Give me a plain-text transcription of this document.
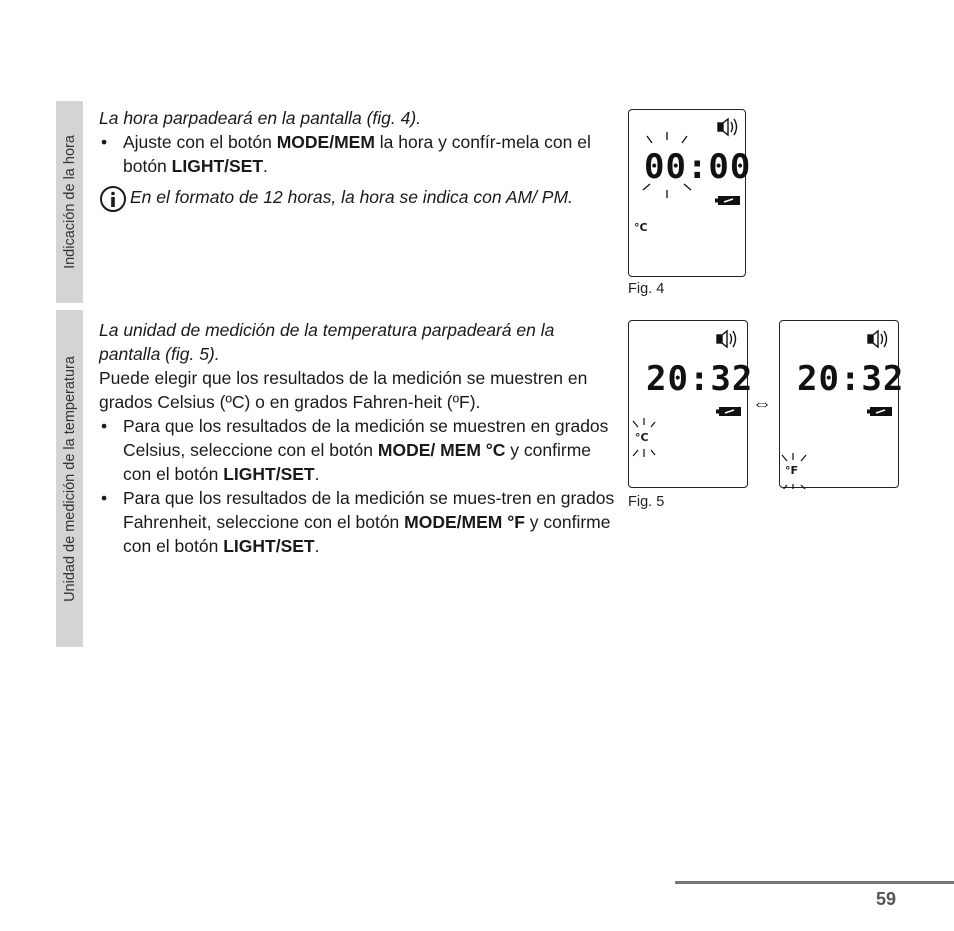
Indicación de la hora
Unidad de medición de la temperatura
La hora parpadeará en la pantalla (fig. 4).
• Ajuste con el botón MODE/MEM la hora y confír-mela con el botón LIGHT/SET.
En el formato de 12 horas, la hora se indica con AM/ PM.
La unidad de medición de la temperatura parpadeará en la pantalla (fig. 5).
Puede elegir que los resultados de la medición se muestren en grados Celsius (ºC) o en grados Fahren-heit (ºF).
• Para que los resultados de la medición se muestren en grados Celsius, seleccione con el botón MODE/ MEM °C y confirme con el botón LIGHT/SET.
• Para que los resultados de la medición se mues-tren en grados Fahrenheit, seleccione con el botón MODE/MEM °F y confirme con el botón LIGHT/SET.
00:00
°C
Fig. 4
20:32
°C
⇔
20:32
°F
Fig. 5
59
